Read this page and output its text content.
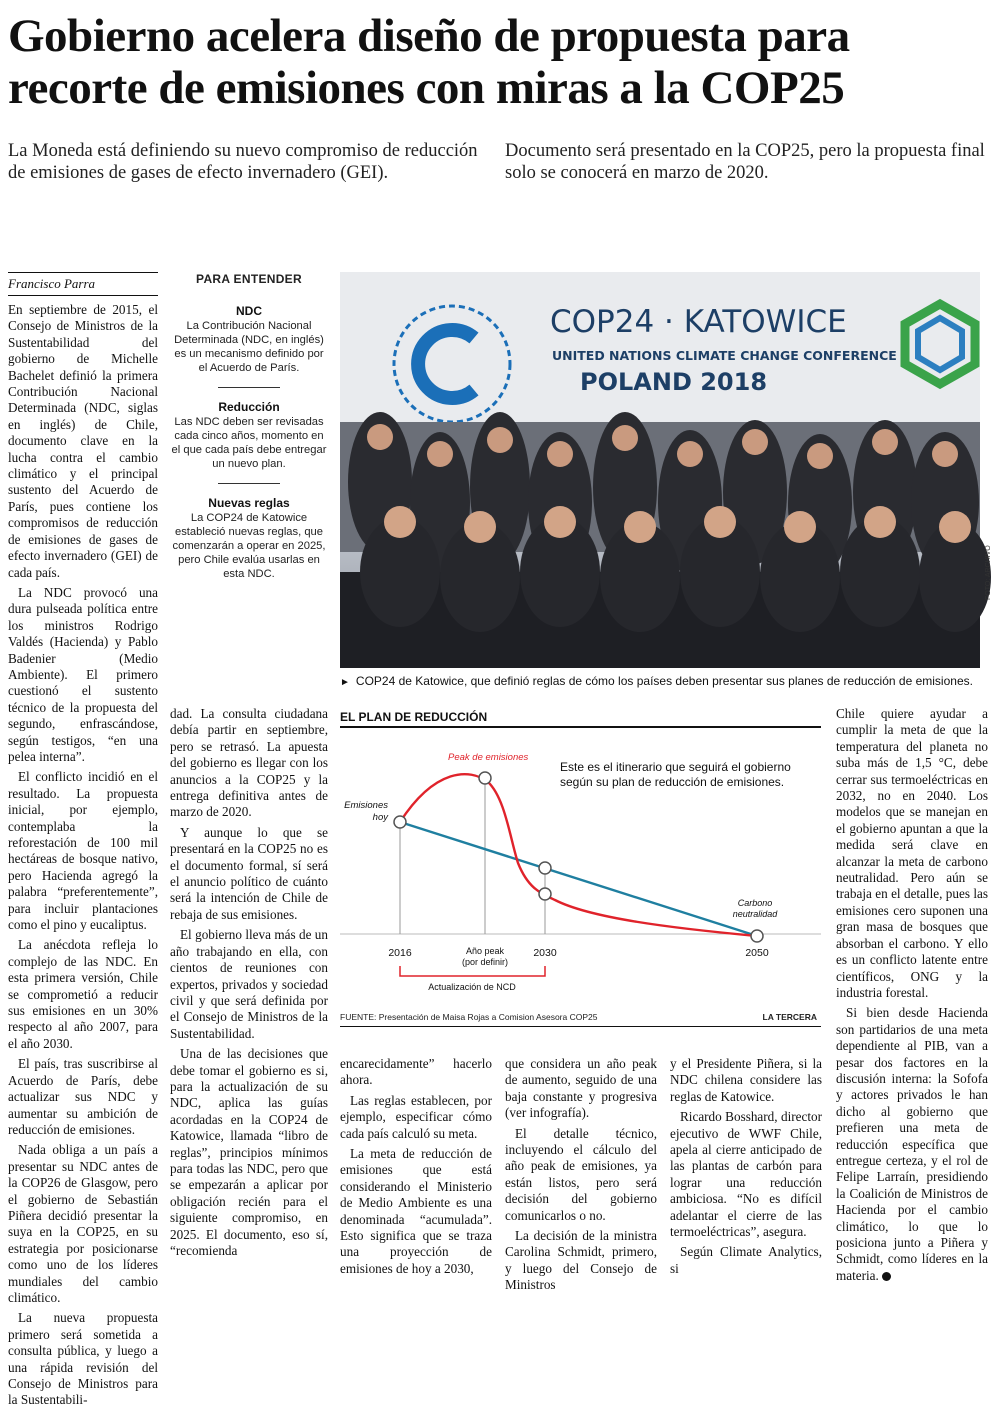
Gobierno acelera diseño de propuesta para
recorte de emisiones con miras a la COP25
La Moneda está definiendo su nuevo compromiso de reducción de emisiones de gases de efecto invernadero (GEI).
Documento será presentado en la COP25, pero la propuesta final solo se conocerá en marzo de 2020.
Francisco Parra

En septiembre de 2015, el Consejo de Ministros de la Sustentabilidad del gobierno de Michelle Bachelet definió la primera Contribución Nacional Determinada (NDC, siglas en inglés) de Chile, documento clave en la lucha contra el cambio climático y el principal sustento del Acuerdo de París, pues contiene los compromisos de reducción de emisiones de gases de efecto invernadero (GEI) de cada país.

La NDC provocó una dura pulseada política entre los ministros Rodrigo Valdés (Hacienda) y Pablo Badenier (Medio Ambiente). El primero cuestionó el sustento técnico de la propuesta del segundo, enfrascándose, según testigos, “en una pelea interna”.

El conflicto incidió en el resultado. La propuesta inicial, por ejemplo, contemplaba la reforestación de 100 mil hectáreas de bosque nativo, pero Hacienda agregó la palabra “preferentemente”, para incluir plantaciones como el pino y eucaliptus.

La anécdota refleja lo complejo de las NDC. En esta primera versión, Chile se comprometió a reducir sus emisiones en un 30% respecto al año 2007, para el año 2030.

El país, tras suscribirse al Acuerdo de París, debe actualizar sus NDC y aumentar su ambición de reducción de emisiones.

Nada obliga a un país a presentar su NDC antes de la COP26 de Glasgow, pero el gobierno de Sebastián Piñera decidió presentar la suya en la COP25, en su estrategia por posicionarse como uno de los líderes mundiales del cambio climático.

La nueva propuesta primero será sometida a consulta pública, y luego a una rápida revisión del Consejo de Ministros para la Sustentabili-

PARA ENTENDER
NDC
La Contribución Nacional Determinada (NDC, en inglés) es un mecanismo definido por el Acuerdo de París.
Reducción
Las NDC deben ser revisadas cada cinco años, momento en el que cada país debe entregar un nuevo plan.
Nuevas reglas
La COP24 de Katowice estableció nuevas reglas, que comenzarán a operar en 2025, pero Chile evalúa usarlas en esta NDC.
COP24 · KATOWICE
UNITED NATIONS CLIMATE CHANGE CONFERENCE
POLAND 2018
FOTO: ARCHIVO
► COP24 de Katowice, que definió reglas de cómo los países deben presentar sus planes de reducción de emisiones.
EL PLAN DE REDUCCIÓN
Peak de emisiones
Emisiones
hoy
Carbono
neutralidad
2016	Año peak
(por definir)
2030	2050
Actualización de NCD
Este es el itinerario que seguirá el gobierno según su plan de reducción de emisiones.
FUENTE: Presentación de Maisa Rojas a Comision Asesora COP25	LA TERCERA

dad. La consulta ciudadana debía partir en septiembre, pero se retrasó. La apuesta del gobierno es llegar con los anuncios a la COP25 y la entrega definitiva antes de marzo de 2020.

Y aunque lo que se presentará en la COP25 no es el documento formal, sí será el anuncio político de cuánto será la intención de Chile de rebaja de sus emisiones.

El gobierno lleva más de un año trabajando en ella, con cientos de reuniones con expertos, privados y sociedad civil y que será definida por el Consejo de Ministros de la Sustentabilidad.

Una de las decisiones que debe tomar el gobierno es si, para la actualización de su NDC, aplica las guías acordadas en la COP24 de Katowice, llamada “libro de reglas”, principios mínimos para todas las NDC, pero que se empezarán a aplicar por obligación recién para el siguiente compromiso, en 2025. El documento, eso sí, “recomienda

encarecidamente” hacerlo ahora.

Las reglas establecen, por ejemplo, especificar cómo cada país calculó su meta.

La meta de reducción de emisiones que está considerando el Ministerio de Medio Ambiente es una denominada “acumulada”. Esto significa que se traza una proyección de emisiones de hoy a 2030,

que considera un año peak de aumento, seguido de una baja constante y progresiva (ver infografía).

El detalle técnico, incluyendo el cálculo del año peak de emisiones, ya están listos, pero será decisión del gobierno comunicarlos o no.

La decisión de la ministra Carolina Schmidt, primero, y luego del Consejo de Ministros

y el Presidente Piñera, si la NDC chilena considere las reglas de Katowice.

Ricardo Bosshard, director ejecutivo de WWF Chile, apela al cierre anticipado de las plantas de carbón para lograr una reducción ambiciosa. “No es difícil adelantar el cierre de las termoeléctricas”, asegura.

Según Climate Analytics, si

Chile quiere ayudar a cumplir la meta de que la temperatura del planeta no suba más de 1,5 °C, debe cerrar sus termoeléctricas en 2032, no en 2040. Los modelos que se manejan en el gobierno apuntan a que la medida será clave en alcanzar la meta de carbono neutralidad. Pero aún se trabaja en el detalle, pues las emisiones cero suponen una gran masa de bosques que absorban el carbono. Y ello es un conflicto latente entre científicos, ONG y la industria forestal.

Si bien desde Hacienda son partidarios de una meta dependiente al PIB, van a pesar dos factores en la discusión interna: la Sofofa y actores privados le han dicho al gobierno que prefieren una meta de reducción específica que entregue certeza, y el rol de Felipe Larraín, presidiendo la Coalición de Ministros de Hacienda por el cambio climático, lo que lo posiciona junto a Piñera y Schmidt, como líderes en la materia.
